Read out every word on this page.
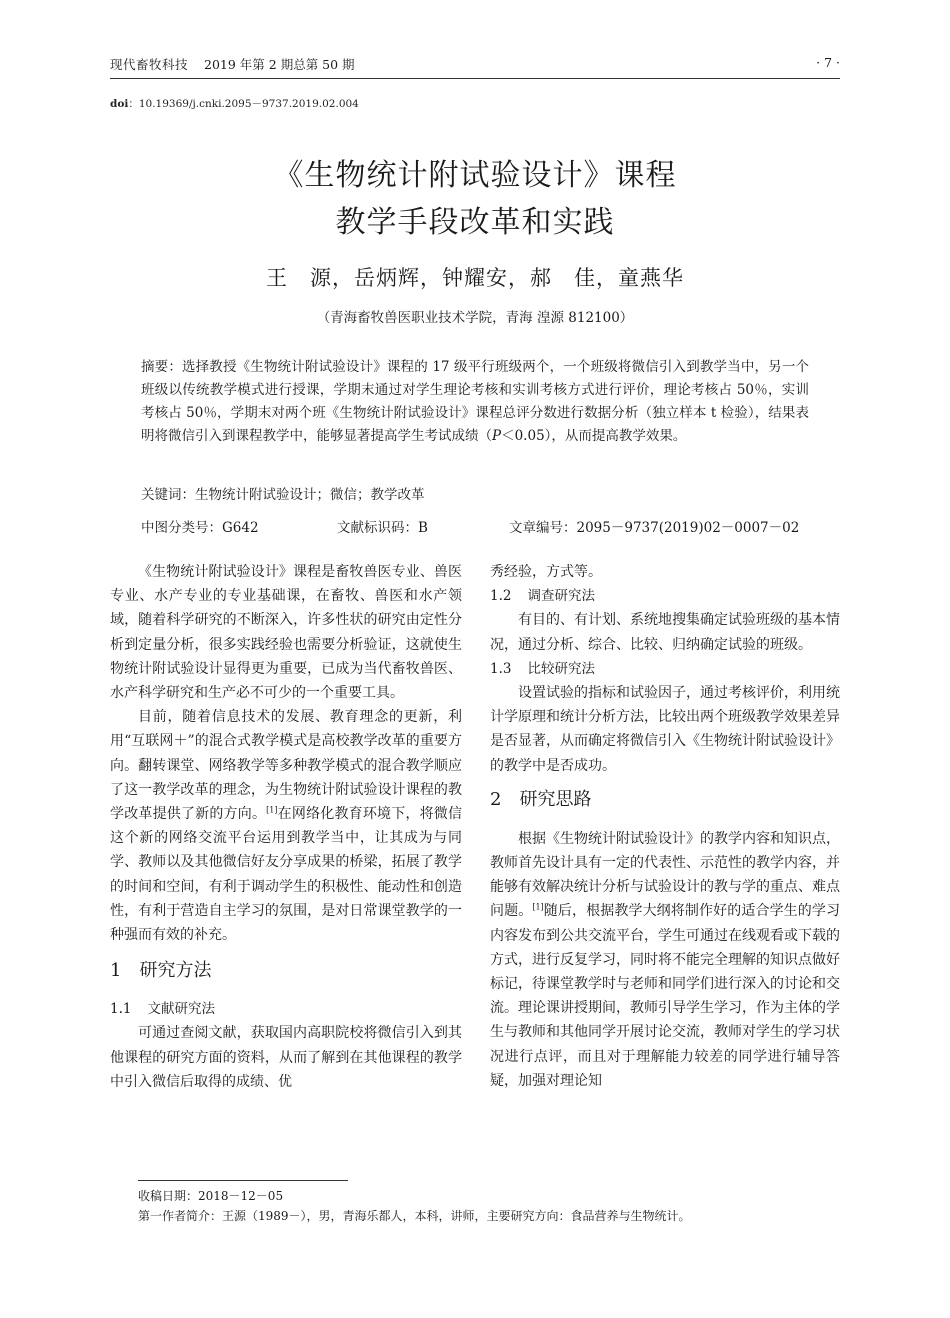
现代畜牧科技 2019 年第 2 期总第 50 期	· 7 ·
doi：10.19369/j.cnki.2095－9737.2019.02.004
《生物统计附试验设计》课程
教学手段改革和实践
王　源，岳炳辉，钟耀安，郝　佳，童燕华
（青海畜牧兽医职业技术学院，青海 湟源 812100）
摘要：选择教授《生物统计附试验设计》课程的 17 级平行班级两个，一个班级将微信引入到教学当中，另一个班级以传统教学模式进行授课，学期末通过对学生理论考核和实训考核方式进行评价，理论考核占 50％，实训考核占 50％，学期末对两个班《生物统计附试验设计》课程总评分数进行数据分析（独立样本 t 检验），结果表明将微信引入到课程教学中，能够显著提高学生考试成绩（P＜0.05），从而提高教学效果。
关键词：生物统计附试验设计；微信；教学改革
中图分类号：G642	文献标识码：B	文章编号：2095－9737(2019)02－0007－02

《生物统计附试验设计》课程是畜牧兽医专业、兽医专业、水产专业的专业基础课，在畜牧、兽医和水产领域，随着科学研究的不断深入，许多性状的研究由定性分析到定量分析，很多实践经验也需要分析验证，这就使生物统计附试验设计显得更为重要，已成为当代畜牧兽医、水产科学研究和生产必不可少的一个重要工具。

目前，随着信息技术的发展、教育理念的更新，利用“互联网＋”的混合式教学模式是高校教学改革的重要方向。翻转课堂、网络教学等多种教学模式的混合教学顺应了这一教学改革的理念，为生物统计附试验设计课程的教学改革提供了新的方向。[1]在网络化教育环境下，将微信这个新的网络交流平台运用到教学当中，让其成为与同学、教师以及其他微信好友分享成果的桥梁，拓展了教学的时间和空间，有利于调动学生的积极性、能动性和创造性，有利于营造自主学习的氛围，是对日常课堂教学的一种强而有效的补充。

1 研究方法
1.1 文献研究法

可通过查阅文献，获取国内高职院校将微信引入到其他课程的研究方面的资料，从而了解到在其他课程的教学中引入微信后取得的成绩、优

秀经验，方式等。

1.2 调查研究法

有目的、有计划、系统地搜集确定试验班级的基本情况，通过分析、综合、比较、归纳确定试验的班级。

1.3 比较研究法

设置试验的指标和试验因子，通过考核评价，利用统计学原理和统计分析方法，比较出两个班级教学效果差异是否显著，从而确定将微信引入《生物统计附试验设计》的教学中是否成功。

2 研究思路

根据《生物统计附试验设计》的教学内容和知识点，教师首先设计具有一定的代表性、示范性的教学内容，并能够有效解决统计分析与试验设计的教与学的重点、难点问题。[1]随后，根据教学大纲将制作好的适合学生的学习内容发布到公共交流平台，学生可通过在线观看或下载的方式，进行反复学习，同时将不能完全理解的知识点做好标记，待课堂教学时与老师和同学们进行深入的讨论和交流。理论课讲授期间，教师引导学生学习，作为主体的学生与教师和其他同学开展讨论交流，教师对学生的学习状况进行点评，而且对于理解能力较差的同学进行辅导答疑，加强对理论知

收稿日期：2018－12－05
第一作者简介：王源（1989－），男，青海乐都人，本科，讲师，主要研究方向：食品营养与生物统计。
